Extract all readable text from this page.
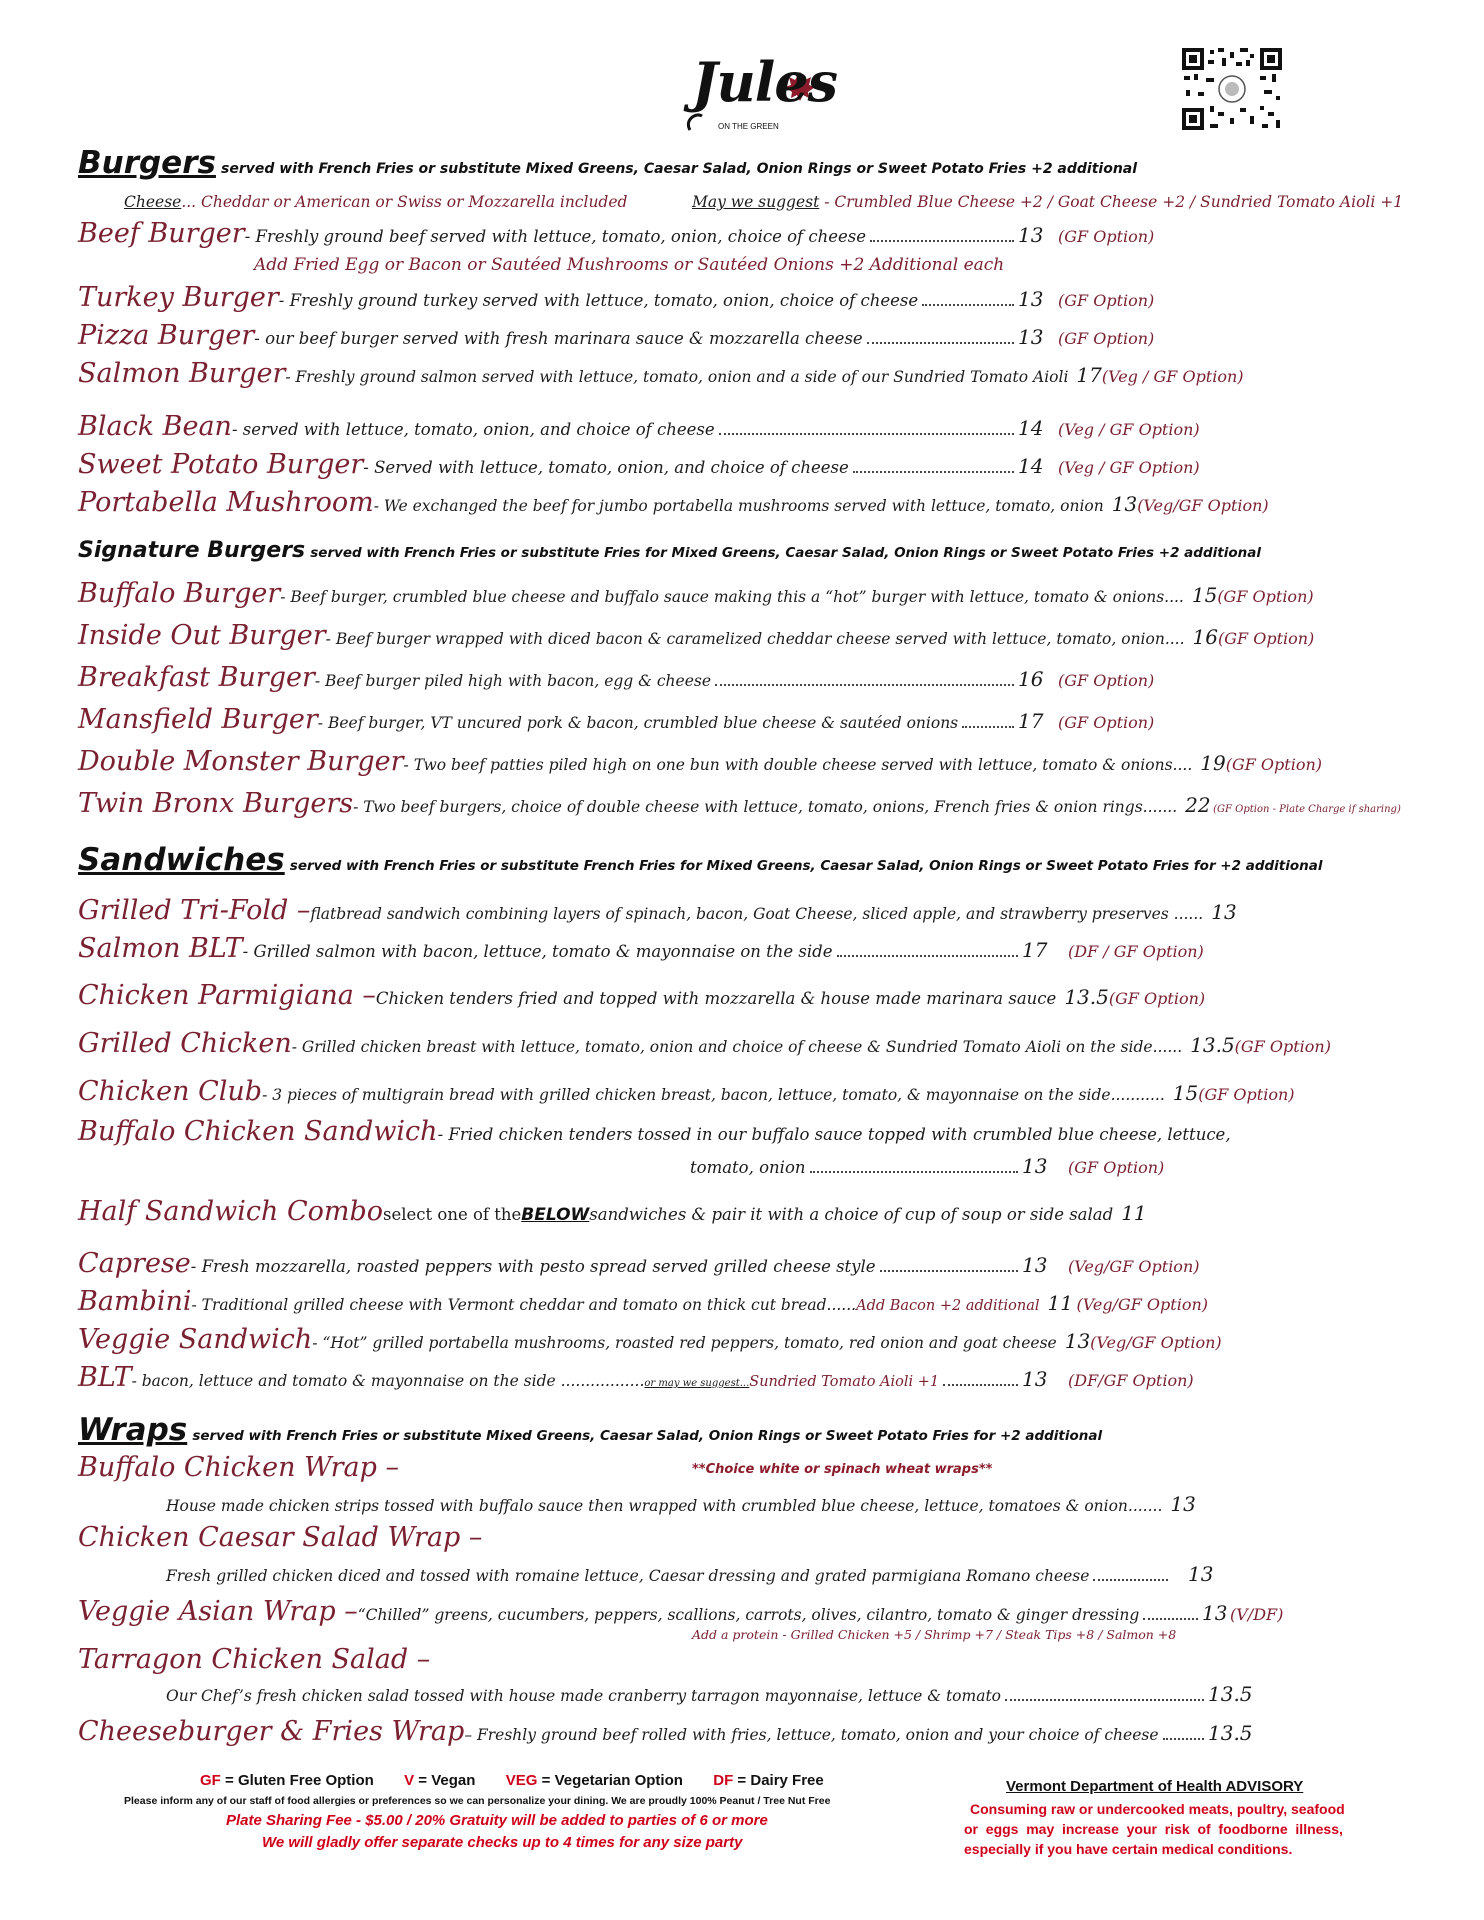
Jules
ON THE GREEN
Burgers served with French Fries or substitute Mixed Greens, Caesar Salad, Onion Rings or Sweet Potato Fries +2 additional
Cheese... Cheddar or American or Swiss or Mozzarella included	May we suggest - Crumbled Blue Cheese +2 / Goat Cheese +2 / Sundried Tomato Aioli +1
Beef Burger - Freshly ground beef served with lettuce, tomato, onion, choice of cheese	13 (GF Option)
Add Fried Egg or Bacon or Sautéed Mushrooms or Sautéed Onions +2 Additional each
Turkey Burger - Freshly ground turkey served with lettuce, tomato, onion, choice of cheese	13 (GF Option)
Pizza Burger - our beef burger served with fresh marinara sauce & mozzarella cheese	13 (GF Option)
Salmon Burger - Freshly ground salmon served with lettuce, tomato, onion and a side of our Sundried Tomato Aioli 17 (Veg / GF Option)
Black Bean - served with lettuce, tomato, onion, and choice of cheese	14 (Veg / GF Option)
Sweet Potato Burger - Served with lettuce, tomato, onion, and choice of cheese	14 (Veg / GF Option)
Portabella Mushroom - We exchanged the beef for jumbo portabella mushrooms served with lettuce, tomato, onion 13 (Veg/GF Option)
Signature Burgers served with French Fries or substitute Fries for Mixed Greens, Caesar Salad, Onion Rings or Sweet Potato Fries +2 additional
Buffalo Burger - Beef burger, crumbled blue cheese and buffalo sauce making this a “hot” burger with lettuce, tomato & onions.... 15 (GF Option)
Inside Out Burger - Beef burger wrapped with diced bacon & caramelized cheddar cheese served with lettuce, tomato, onion.... 16 (GF Option)
Breakfast Burger - Beef burger piled high with bacon, egg & cheese	16 (GF Option)
Mansfield Burger - Beef burger, VT uncured pork & bacon, crumbled blue cheese & sautéed onions	17 (GF Option)
Double Monster Burger - Two beef patties piled high on one bun with double cheese served with lettuce, tomato & onions.... 19 (GF Option)
Twin Bronx Burgers - Two beef burgers, choice of double cheese with lettuce, tomato, onions, French fries & onion rings....... 22 (GF Option - Plate Charge if sharing)
Sandwiches served with French Fries or substitute French Fries for Mixed Greens, Caesar Salad, Onion Rings or Sweet Potato Fries for +2 additional
Grilled Tri-Fold – flatbread sandwich combining layers of spinach, bacon, Goat Cheese, sliced apple, and strawberry preserves ...... 13
Salmon BLT - Grilled salmon with bacon, lettuce, tomato & mayonnaise on the side	17	(DF / GF Option)
Chicken Parmigiana – Chicken tenders fried and topped with mozzarella & house made marinara sauce 13.5 (GF Option)
Grilled Chicken - Grilled chicken breast with lettuce, tomato, onion and choice of cheese & Sundried Tomato Aioli on the side...... 13.5 (GF Option)
Chicken Club - 3 pieces of multigrain bread with grilled chicken breast, bacon, lettuce, tomato, & mayonnaise on the side........... 15 (GF Option)
Buffalo Chicken Sandwich - Fried chicken tenders tossed in our buffalo sauce topped with crumbled blue cheese, lettuce,
tomato, onion	13	(GF Option)
Half Sandwich Combo select one of the BELOW sandwiches & pair it with a choice of cup of soup or side salad 11
Caprese - Fresh mozzarella, roasted peppers with pesto spread served grilled cheese style	13	(Veg/GF Option)
Bambini - Traditional grilled cheese with Vermont cheddar and tomato on thick cut bread...... Add Bacon +2 additional 11 (Veg/GF Option)
Veggie Sandwich - “Hot” grilled portabella mushrooms, roasted red peppers, tomato, red onion and goat cheese 13 (Veg/GF Option)
BLT - bacon, lettuce and tomato & mayonnaise on the side ................. or may we suggest... Sundried Tomato Aioli +1	13	(DF/GF Option)
Wraps served with French Fries or substitute Mixed Greens, Caesar Salad, Onion Rings or Sweet Potato Fries for +2 additional
Buffalo Chicken Wrap –	**Choice white or spinach wheat wraps**
House made chicken strips tossed with buffalo sauce then wrapped with crumbled blue cheese, lettuce, tomatoes & onion....... 13
Chicken Caesar Salad Wrap –
Fresh grilled chicken diced and tossed with romaine lettuce, Caesar dressing and grated parmigiana Romano cheese	13
Veggie Asian Wrap – “Chilled” greens, cucumbers, peppers, scallions, carrots, olives, cilantro, tomato & ginger dressing	13 (V/DF)
Add a protein - Grilled Chicken +5 / Shrimp +7 / Steak Tips +8 / Salmon +8
Tarragon Chicken Salad –
Our Chef’s fresh chicken salad tossed with house made cranberry tarragon mayonnaise, lettuce & tomato	13.5
Cheeseburger & Fries Wrap – Freshly ground beef rolled with fries, lettuce, tomato, onion and your choice of cheese 13.5
GF = Gluten Free Option V = Vegan VEG = Vegetarian Option DF = Dairy Free
Please inform any of our staff of food allergies or preferences so we can personalize your dining. We are proudly 100% Peanut / Tree Nut Free
Plate Sharing Fee - $5.00 / 20% Gratuity will be added to parties of 6 or more
We will gladly offer separate checks up to 4 times for any size party
Vermont Department of Health ADVISORY
Consuming raw or undercooked meats, poultry, seafood
or  eggs  may  increase  your  risk  of  foodborne  illness,
especially if you have certain medical conditions.
